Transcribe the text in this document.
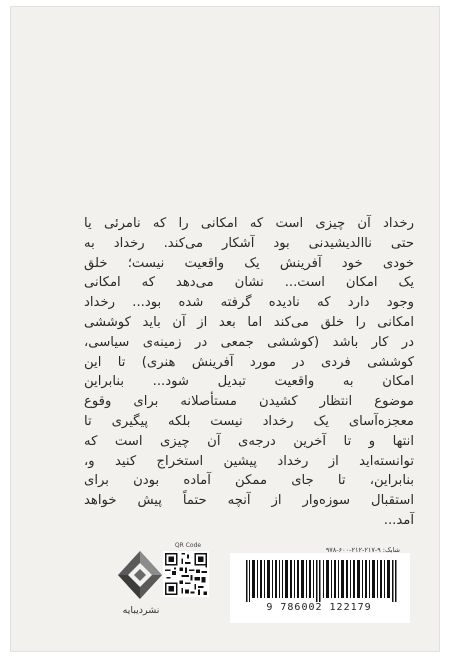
رخداد آن چیزی است که امکانی را که نامرئی یا
حتی ناالدیشیدنی بود آشکار می‌کند. رخداد به
خودی خود آفرینش یک واقعیت نیست؛ خلق
یک امکان است... نشان می‌دهد که امکانی
وجود دارد که نادیده گرفته شده بود... رخداد
امکانی را خلق می‌کند اما بعد از آن باید کوششی
در کار باشد (کوششی جمعی در زمینه‌ی سیاسی،
کوششی فردی در مورد آفرینش هنری) تا این
امکان به واقعیت تبدیل شود... بنابراین
موضوع انتظار کشیدن مستأصلانه برای وقوع
معجزه‌آسای یک رخداد نیست بلکه پیگیری تا
انتها و تا آخرین درجه‌ی آن چیزی است که
توانسته‌اید از رخداد پیشین استخراج کنید و،
بنابراین، تا جای ممکن آماده بودن برای
استقبال سوزه‌وار از آنچه حتماً پیش خواهد
آمد...
نشردیبایه
QR Code
شابک: ۹-۲۱۷-۲۱۲-۶۰۰-۹۷۸
9 786002 122179
